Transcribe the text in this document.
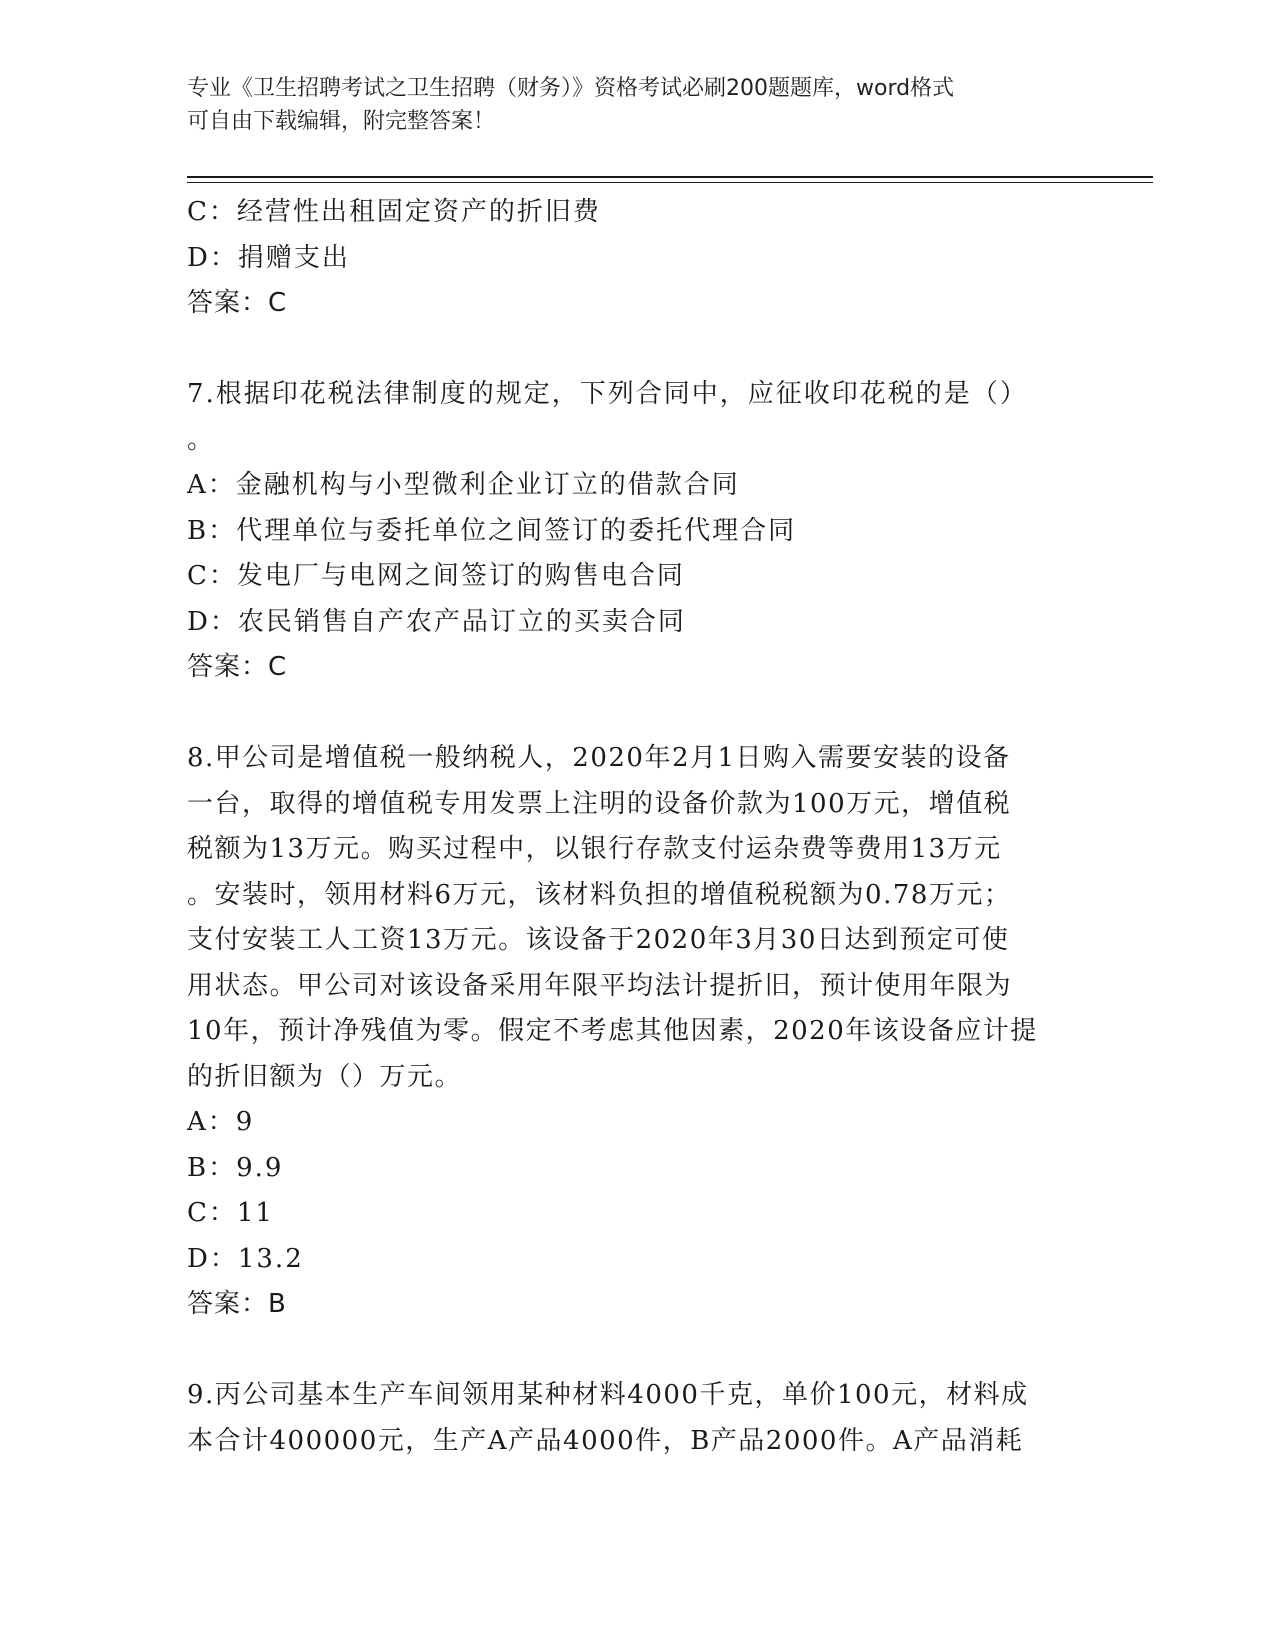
专业《卫生招聘考试之卫生招聘（财务）》资格考试必刷200题题库，word格式
可自由下载编辑，附完整答案！
C：经营性出租固定资产的折旧费
D：捐赠支出
答案：C
7.根据印花税法律制度的规定，下列合同中，应征收印花税的是（）
。
A：金融机构与小型微利企业订立的借款合同
B：代理单位与委托单位之间签订的委托代理合同
C：发电厂与电网之间签订的购售电合同
D：农民销售自产农产品订立的买卖合同
答案：C
8.甲公司是增值税一般纳税人，2020年2月1日购入需要安装的设备
一台，取得的增值税专用发票上注明的设备价款为100万元，增值税
税额为13万元。购买过程中，以银行存款支付运杂费等费用13万元
。安装时，领用材料6万元，该材料负担的增值税税额为0.78万元；
支付安装工人工资13万元。该设备于2020年3月30日达到预定可使
用状态。甲公司对该设备采用年限平均法计提折旧，预计使用年限为
10年，预计净残值为零。假定不考虑其他因素，2020年该设备应计提
的折旧额为（）万元。
A：9
B：9.9
C：11
D：13.2
答案：B
9.丙公司基本生产车间领用某种材料4000千克，单价100元，材料成
本合计400000元，生产A产品4000件，B产品2000件。A产品消耗
